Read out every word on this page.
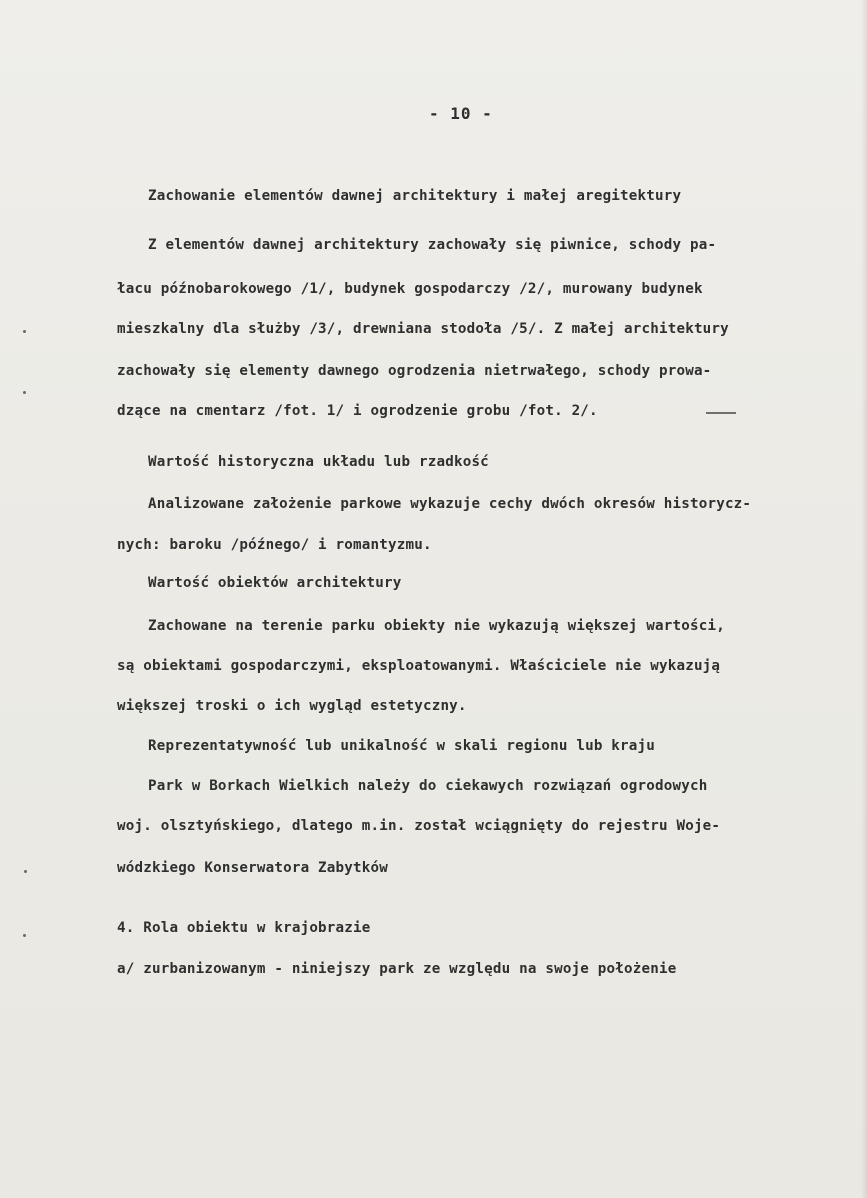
- 10 -
Zachowanie elementów dawnej architektury i małej aregitektury
Z elementów dawnej architektury zachowały się piwnice, schody pa-
łacu późnobarokowego /1/, budynek gospodarczy /2/, murowany budynek
mieszkalny dla służby /3/, drewniana stodoła /5/. Z małej architektury
zachowały się elementy dawnego ogrodzenia nietrwałego, schody prowa-
dzące na cmentarz /fot. 1/ i ogrodzenie grobu /fot. 2/.
Wartość historyczna układu lub rzadkość
Analizowane założenie parkowe wykazuje cechy dwóch okresów historycz-
nych: baroku /późnego/ i romantyzmu.
Wartość obiektów architektury
Zachowane na terenie parku obiekty nie wykazują większej wartości,
są obiektami gospodarczymi, eksploatowanymi. Właściciele nie wykazują
większej troski o ich wygląd estetyczny.
Reprezentatywność lub unikalność w skali regionu lub kraju
Park w Borkach Wielkich należy do ciekawych rozwiązań ogrodowych
woj. olsztyńskiego, dlatego m.in. został wciągnięty do rejestru Woje-
wódzkiego Konserwatora Zabytków
4. Rola obiektu w krajobrazie
a/ zurbanizowanym - niniejszy park ze względu na swoje położenie
